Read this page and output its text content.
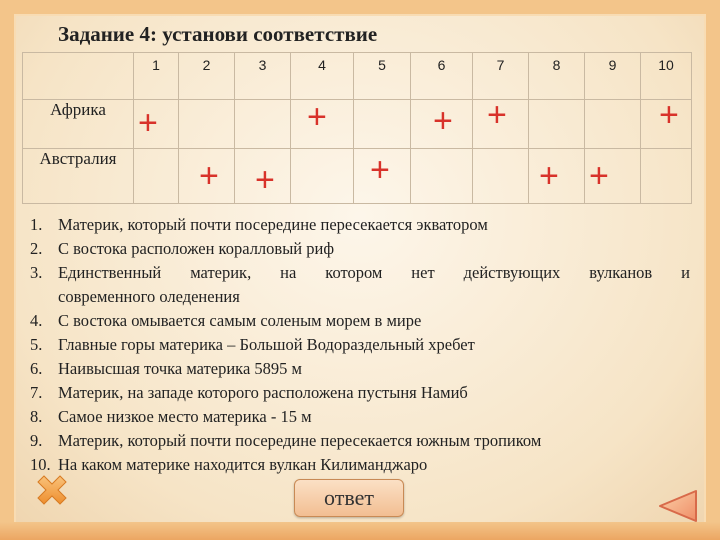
Задание 4: установи соответствие
	1	2	3	4	5	6	7	8	9	10
Африка	+			+		+	+			+

Австралия		+	+		+			+	+	

1. Материк, который почти посередине пересекается экватором
2. С востока расположен коралловый риф
3. Единственный материк, на котором нет действующих вулканов и
современного оледенения
4. С востока омывается самым соленым морем в мире
5. Главные горы материка – Большой Водораздельный хребет
6. Наивысшая точка материка 5895 м
7. Материк, на западе которого расположена пустыня Намиб
8. Самое низкое место материка - 15 м
9. Материк, который почти посередине пересекается южным тропиком
10. На каком материке находится вулкан Килиманджаро
ответ
